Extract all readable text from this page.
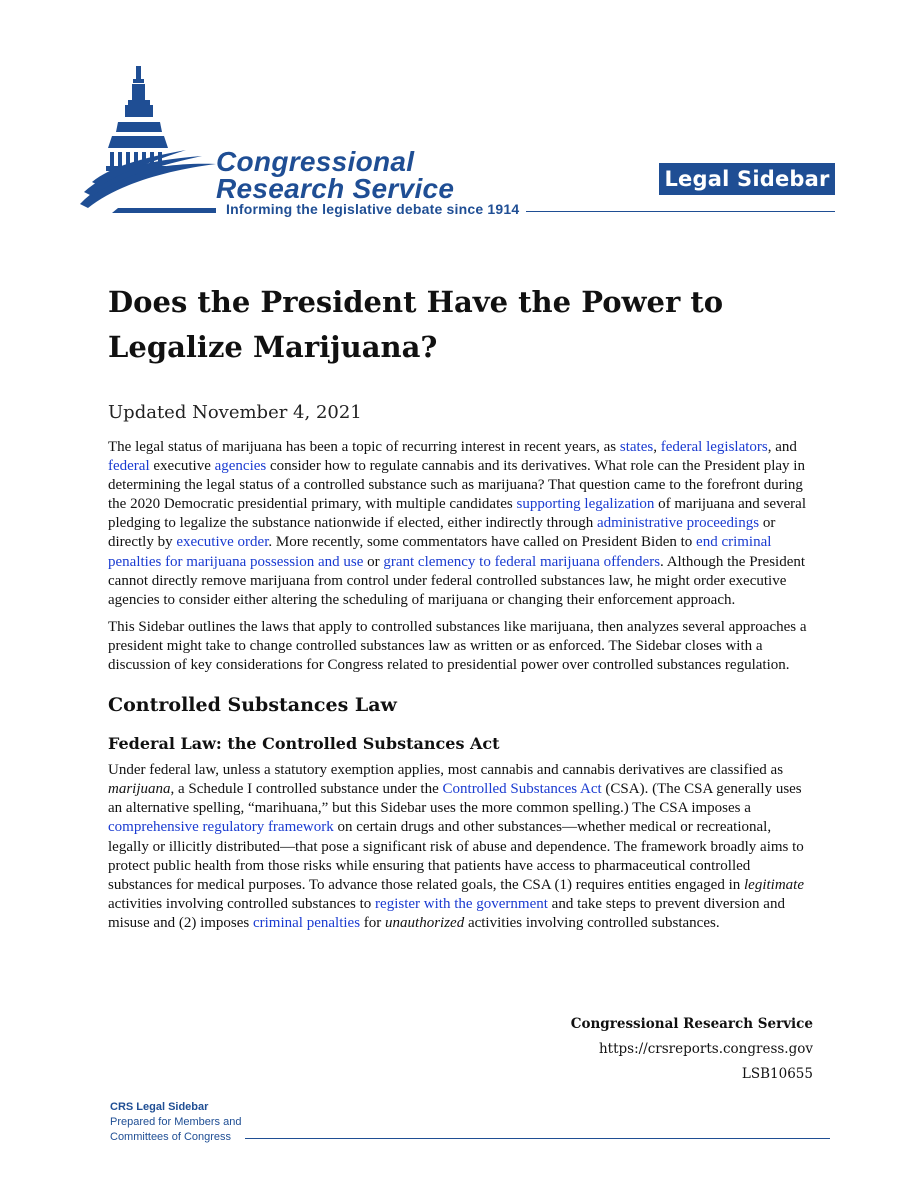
Congressional
Research Service
Informing the legislative debate since 1914
Legal Sidebar
Does the President Have the Power to Legalize Marijuana?
Updated November 4, 2021

The legal status of marijuana has been a topic of recurring interest in recent years, as states, federal legislators, and federal executive agencies consider how to regulate cannabis and its derivatives. What role can the President play in determining the legal status of a controlled substance such as marijuana? That question came to the forefront during the 2020 Democratic presidential primary, with multiple candidates supporting legalization of marijuana and several pledging to legalize the substance nationwide if elected, either indirectly through administrative proceedings or directly by executive order. More recently, some commentators have called on President Biden to end criminal penalties for marijuana possession and use or grant clemency to federal marijuana offenders. Although the President cannot directly remove marijuana from control under federal controlled substances law, he might order executive agencies to consider either altering the scheduling of marijuana or changing their enforcement approach.

This Sidebar outlines the laws that apply to controlled substances like marijuana, then analyzes several approaches a president might take to change controlled substances law as written or as enforced. The Sidebar closes with a discussion of key considerations for Congress related to presidential power over controlled substances regulation.

Controlled Substances Law
Federal Law: the Controlled Substances Act

Under federal law, unless a statutory exemption applies, most cannabis and cannabis derivatives are classified as marijuana, a Schedule I controlled substance under the Controlled Substances Act (CSA). (The CSA generally uses an alternative spelling, “marihuana,” but this Sidebar uses the more common spelling.) The CSA imposes a comprehensive regulatory framework on certain drugs and other substances—whether medical or recreational, legally or illicitly distributed—that pose a significant risk of abuse and dependence. The framework broadly aims to protect public health from those risks while ensuring that patients have access to pharmaceutical controlled substances for medical purposes. To advance those related goals, the CSA (1) requires entities engaged in legitimate activities involving controlled substances to register with the government and take steps to prevent diversion and misuse and (2) imposes criminal penalties for unauthorized activities involving controlled substances.

Congressional Research Service
https://crsreports.congress.gov
LSB10655
CRS Legal Sidebar
Prepared for Members and
Committees of Congress
